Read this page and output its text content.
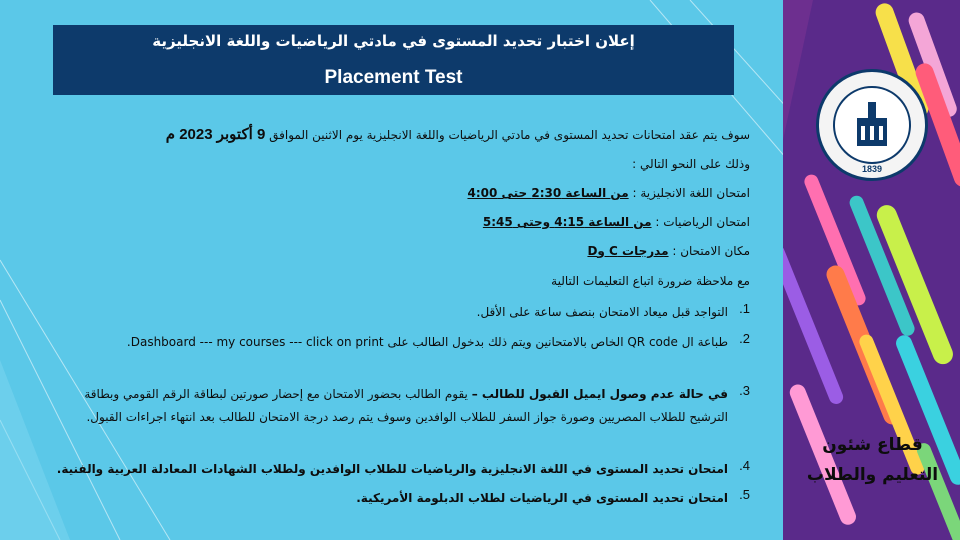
1839
إعلان اختبار تحديد المستوى في مادتي الرياضيات واللغة الانجليزية
Placement Test
سوف يتم عقد امتحانات تحديد المستوى في مادتي الرياضيات واللغة الانجليزية يوم الاثنين الموافق 9 أكتوبر 2023 م
وذلك على النحو التالي :
امتحان اللغة الانجليزية : من الساعة 2:30 حتى 4:00
امتحان الرياضيات : من الساعة 4:15 وحتى 5:45
مكان الامتحان : مدرجات C وD
مع ملاحظة ضرورة اتباع التعليمات التالية
1.
التواجد قبل ميعاد الامتحان بنصف ساعة على الأقل.
2.
طباعة ال QR code الخاص بالامتحانين ويتم ذلك بدخول الطالب على Dashboard --- my courses --- click on print.
3.
في حالة عدم وصول ايميل القبول للطالب – يقوم الطالب بحضور الامتحان مع إحضار صورتين لبطاقة الرقم القومي وبطاقة الترشيح للطلاب المصريين وصورة جواز السفر للطلاب الوافدين وسوف يتم رصد درجة الامتحان للطالب بعد انتهاء اجراءات القبول.
4.
امتحان تحديد المستوى في اللغة الانجليزية والرياضيات للطلاب الوافدين ولطلاب الشهادات المعادلة العربية والفنية.
5.
امتحان تحديد المستوى في الرياضيات لطلاب الدبلومة الأمريكية.
قطاع شئون
التعليم والطلاب
